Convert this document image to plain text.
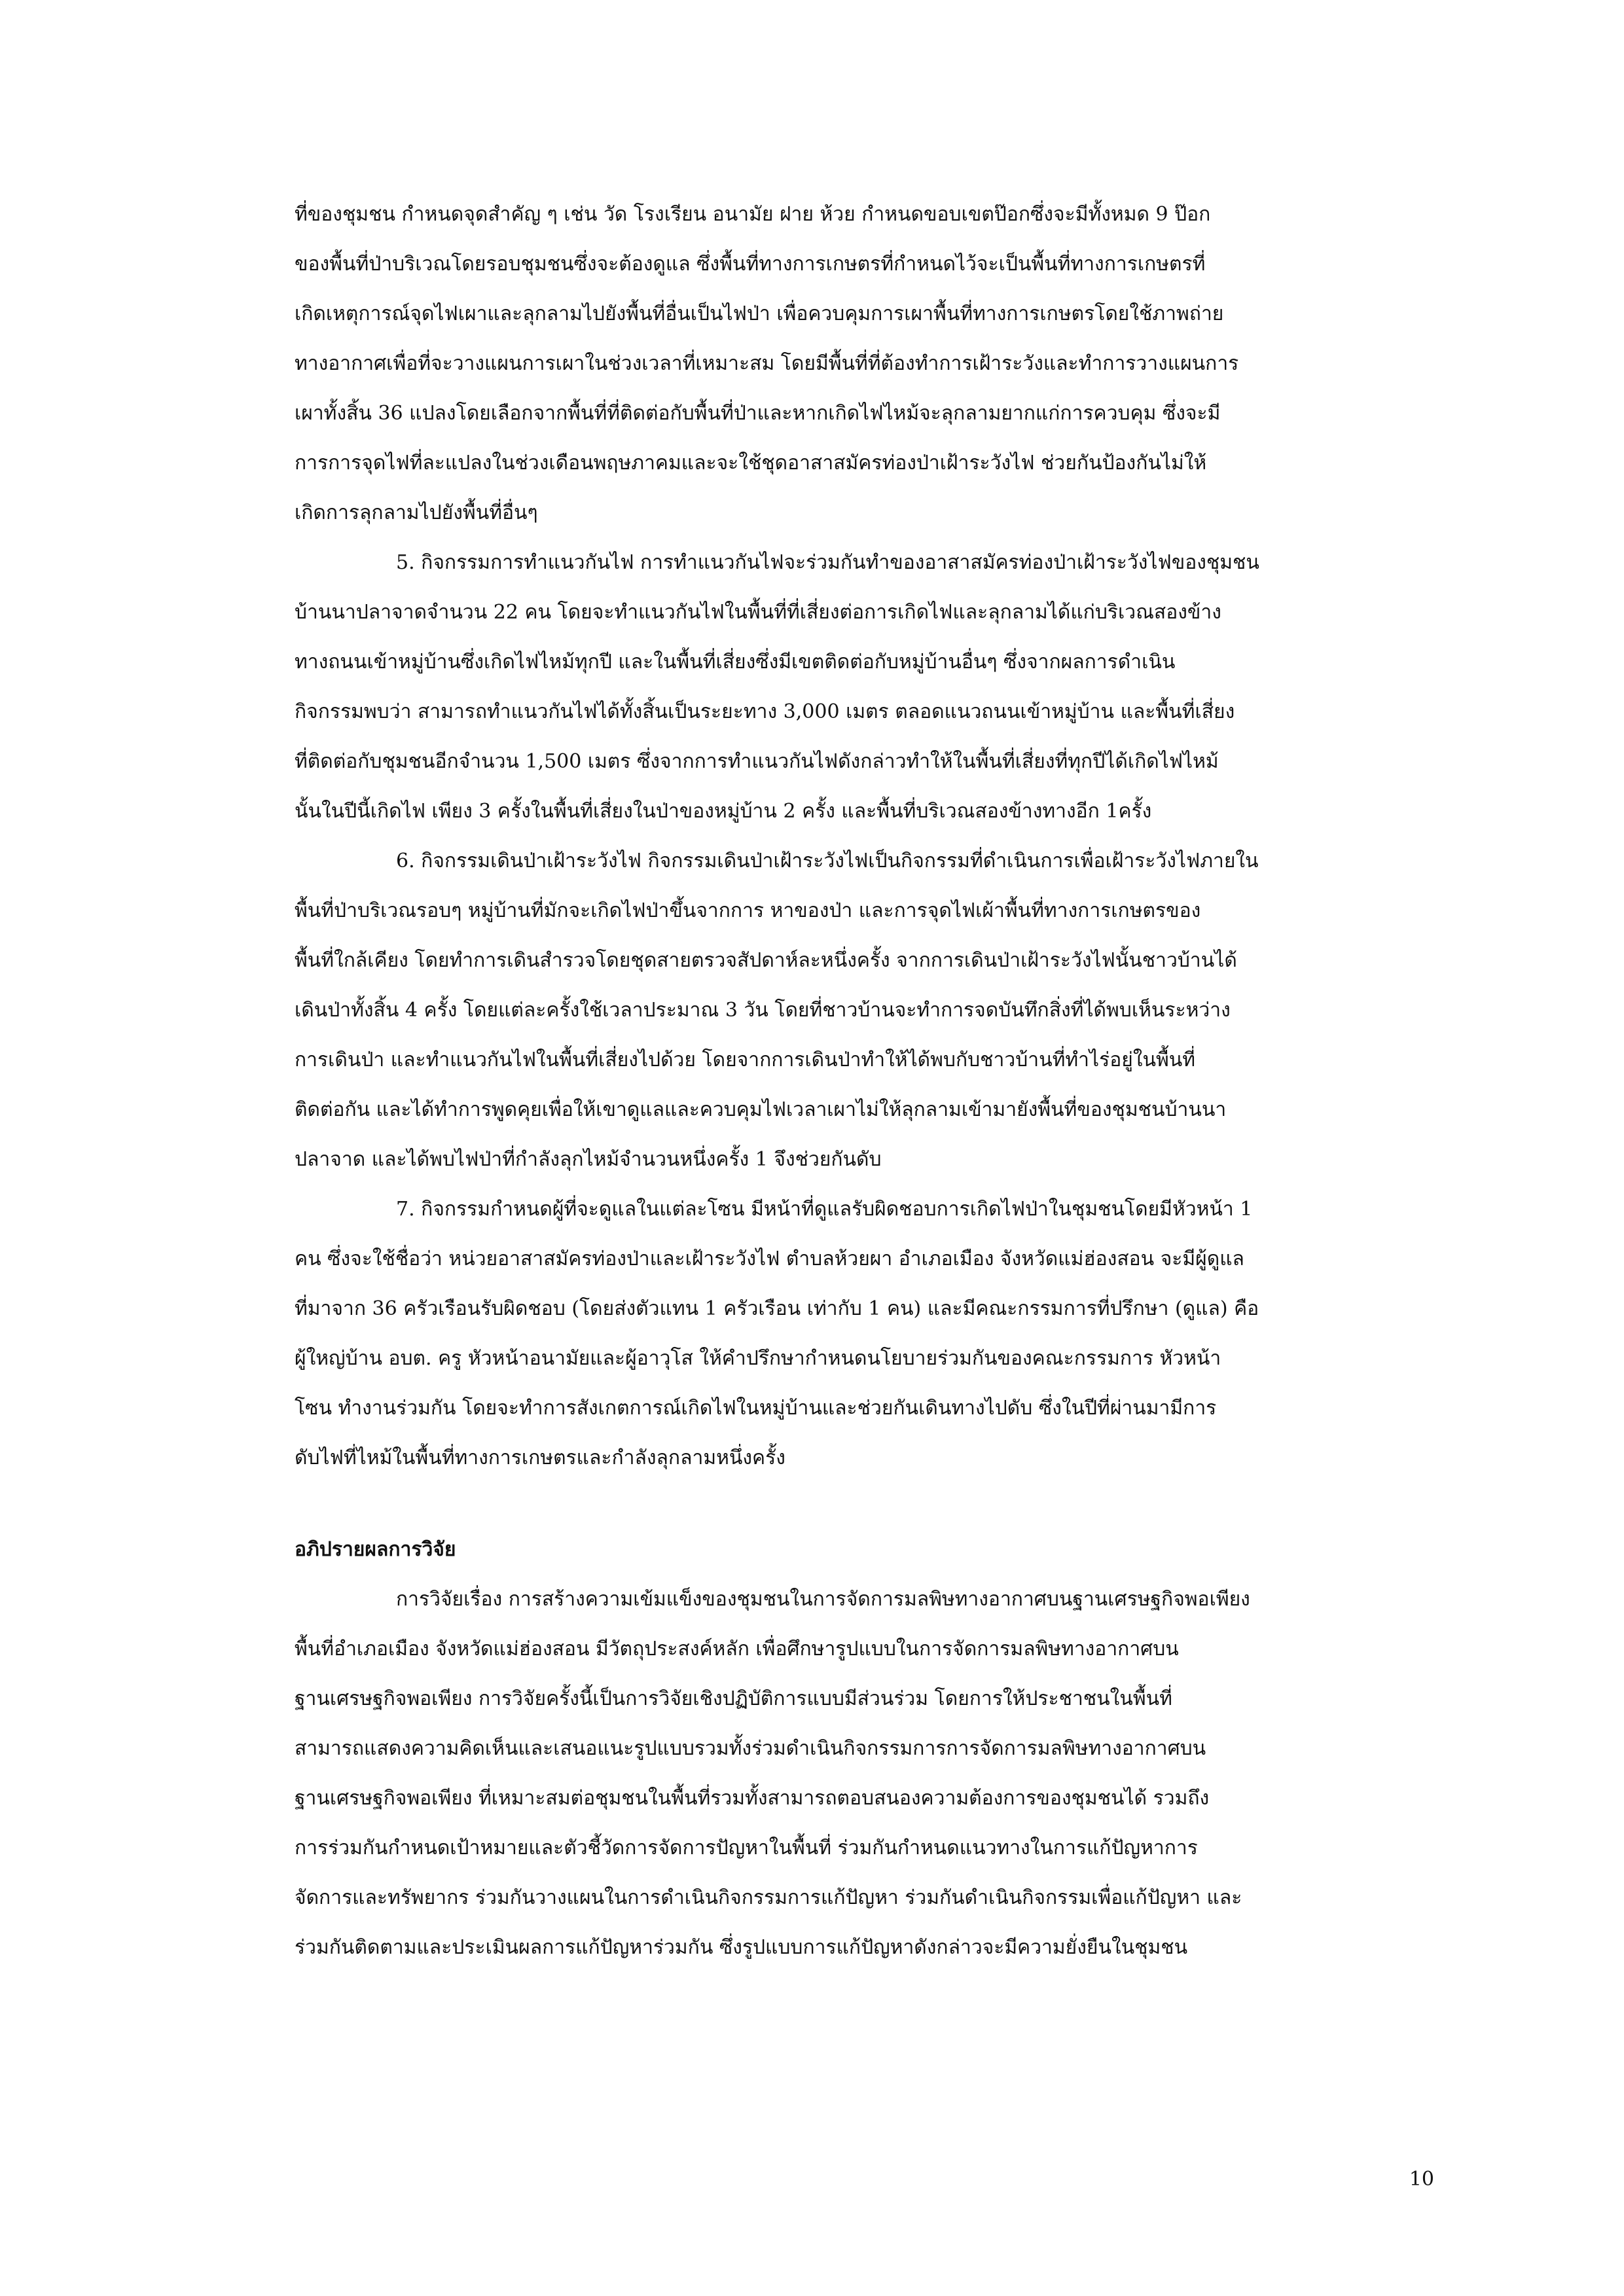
ที่ของชุมชน กำหนดจุดสำคัญ ๆ เช่น วัด โรงเรียน อนามัย ฝาย ห้วย กำหนดขอบเขตป๊อกซึ่งจะมีทั้งหมด 9 ป๊อก
ของพื้นที่ป่าบริเวณโดยรอบชุมชนซึ่งจะต้องดูแล ซึ่งพื้นที่ทางการเกษตรที่กำหนดไว้จะเป็นพื้นที่ทางการเกษตรที่
เกิดเหตุการณ์จุดไฟเผาและลุกลามไปยังพื้นที่อื่นเป็นไฟป่า เพื่อควบคุมการเผาพื้นที่ทางการเกษตรโดยใช้ภาพถ่าย
ทางอากาศเพื่อที่จะวางแผนการเผาในช่วงเวลาที่เหมาะสม โดยมีพื้นที่ที่ต้องทำการเฝ้าระวังและทำการวางแผนการ
เผาทั้งสิ้น 36 แปลงโดยเลือกจากพื้นที่ที่ติดต่อกับพื้นที่ป่าและหากเกิดไฟไหม้จะลุกลามยากแก่การควบคุม ซึ่งจะมี
การการจุดไฟที่ละแปลงในช่วงเดือนพฤษภาคมและจะใช้ชุดอาสาสมัครท่องป่าเฝ้าระวังไฟ ช่วยกันป้องกันไม่ให้
เกิดการลุกลามไปยังพื้นที่อื่นๆ
5. กิจกรรมการทำแนวกันไฟ การทำแนวกันไฟจะร่วมกันทำของอาสาสมัครท่องป่าเฝ้าระวังไฟของชุมชน
บ้านนาปลาจาดจำนวน 22 คน โดยจะทำแนวกันไฟในพื้นที่ที่เสี่ยงต่อการเกิดไฟและลุกลามได้แก่บริเวณสองข้าง
ทางถนนเข้าหมู่บ้านซึ่งเกิดไฟไหม้ทุกปี และในพื้นที่เสี่ยงซึ่งมีเขตติดต่อกับหมู่บ้านอื่นๆ ซึ่งจากผลการดำเนิน
กิจกรรมพบว่า สามารถทำแนวกันไฟได้ทั้งสิ้นเป็นระยะทาง 3,000 เมตร ตลอดแนวถนนเข้าหมู่บ้าน และพื้นที่เสี่ยง
ที่ติดต่อกับชุมชนอีกจำนวน 1,500 เมตร ซึ่งจากการทำแนวกันไฟดังกล่าวทำให้ในพื้นที่เสี่ยงที่ทุกปีได้เกิดไฟไหม้
นั้นในปีนี้เกิดไฟ เพียง 3 ครั้งในพื้นที่เสี่ยงในป่าของหมู่บ้าน 2 ครั้ง และพื้นที่บริเวณสองข้างทางอีก 1ครั้ง
6. กิจกรรมเดินป่าเฝ้าระวังไฟ กิจกรรมเดินป่าเฝ้าระวังไฟเป็นกิจกรรมที่ดำเนินการเพื่อเฝ้าระวังไฟภายใน
พื้นที่ป่าบริเวณรอบๆ หมู่บ้านที่มักจะเกิดไฟป่าขึ้นจากการ หาของป่า และการจุดไฟเผ้าพื้นที่ทางการเกษตรของ
พื้นที่ใกล้เคียง โดยทำการเดินสำรวจโดยชุดสายตรวจสัปดาห์ละหนึ่งครั้ง จากการเดินป่าเฝ้าระวังไฟนั้นชาวบ้านได้
เดินป่าทั้งสิ้น 4 ครั้ง โดยแต่ละครั้งใช้เวลาประมาณ 3 วัน โดยที่ชาวบ้านจะทำการจดบันทึกสิ่งที่ได้พบเห็นระหว่าง
การเดินป่า และทำแนวกันไฟในพื้นที่เสี่ยงไปด้วย โดยจากการเดินป่าทำให้ได้พบกับชาวบ้านที่ทำไร่อยู่ในพื้นที่
ติดต่อกัน และได้ทำการพูดคุยเพื่อให้เขาดูแลและควบคุมไฟเวลาเผาไม่ให้ลุกลามเข้ามายังพื้นที่ของชุมชนบ้านนา
ปลาจาด และได้พบไฟป่าที่กำลังลุกไหม้จำนวนหนึ่งครั้ง 1 จึงช่วยกันดับ
7. กิจกรรมกำหนดผู้ที่จะดูแลในแต่ละโซน มีหน้าที่ดูแลรับผิดชอบการเกิดไฟป่าในชุมชนโดยมีหัวหน้า 1
คน ซึ่งจะใช้ชื่อว่า หน่วยอาสาสมัครท่องป่าและเฝ้าระวังไฟ ตำบลห้วยผา อำเภอเมือง จังหวัดแม่ฮ่องสอน จะมีผู้ดูแล
ที่มาจาก 36 ครัวเรือนรับผิดชอบ (โดยส่งตัวแทน 1 ครัวเรือน เท่ากับ 1 คน) และมีคณะกรรมการที่ปรึกษา (ดูแล) คือ
ผู้ใหญ่บ้าน อบต. ครู หัวหน้าอนามัยและผู้อาวุโส ให้คำปรึกษากำหนดนโยบายร่วมกันของคณะกรรมการ หัวหน้า
โซน ทำงานร่วมกัน โดยจะทำการสังเกตการณ์เกิดไฟในหมู่บ้านและช่วยกันเดินทางไปดับ ซึ่งในปีที่ผ่านมามีการ
ดับไฟที่ไหม้ในพื้นที่ทางการเกษตรและกำลังลุกลามหนึ่งครั้ง
อภิปรายผลการวิจัย
การวิจัยเรื่อง การสร้างความเข้มแข็งของชุมชนในการจัดการมลพิษทางอากาศบนฐานเศรษฐกิจพอเพียง
พื้นที่อำเภอเมือง จังหวัดแม่ฮ่องสอน มีวัตถุประสงค์หลัก เพื่อศึกษารูปแบบในการจัดการมลพิษทางอากาศบน
ฐานเศรษฐกิจพอเพียง การวิจัยครั้งนี้เป็นการวิจัยเชิงปฏิบัติการแบบมีส่วนร่วม โดยการให้ประชาชนในพื้นที่
สามารถแสดงความคิดเห็นและเสนอแนะรูปแบบรวมทั้งร่วมดำเนินกิจกรรมการการจัดการมลพิษทางอากาศบน
ฐานเศรษฐกิจพอเพียง ที่เหมาะสมต่อชุมชนในพื้นที่รวมทั้งสามารถตอบสนองความต้องการของชุมชนได้ รวมถึง
การร่วมกันกำหนดเป้าหมายและตัวชี้วัดการจัดการปัญหาในพื้นที่ ร่วมกันกำหนดแนวทางในการแก้ปัญหาการ
จัดการและทรัพยากร ร่วมกันวางแผนในการดำเนินกิจกรรมการแก้ปัญหา ร่วมกันดำเนินกิจกรรมเพื่อแก้ปัญหา และ
ร่วมกันติดตามและประเมินผลการแก้ปัญหาร่วมกัน ซึ่งรูปแบบการแก้ปัญหาดังกล่าวจะมีความยั่งยืนในชุมชน
10
